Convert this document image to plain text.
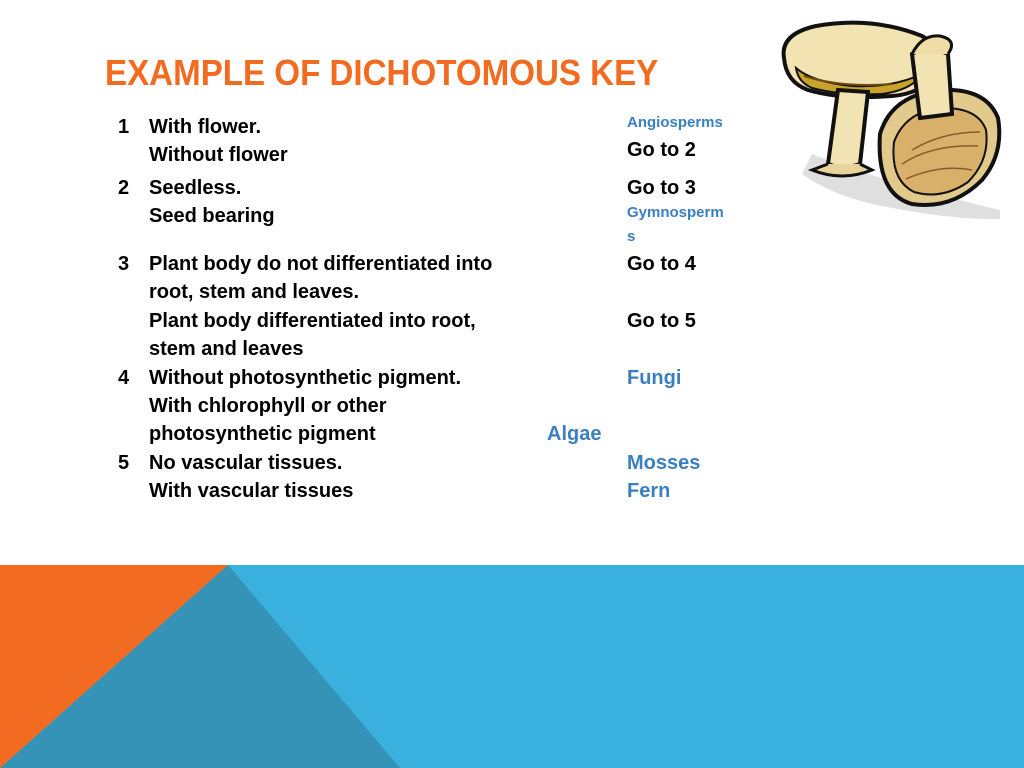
EXAMPLE OF DICHOTOMOUS KEY
1 With flower.
Without flower
Angiosperms
Go to 2
2 Seedless.
Seed bearing
Go to 3
Gymnosperm
s
3 Plant body do not differentiated into
root, stem and leaves.
Plant body differentiated into root,
stem and leaves
Go to 4
Go to 5
4 Without photosynthetic pigment.
With chlorophyll or other
photosynthetic pigment
Fungi
Algae
5 No vascular tissues.
With vascular tissues
Mosses
Fern
